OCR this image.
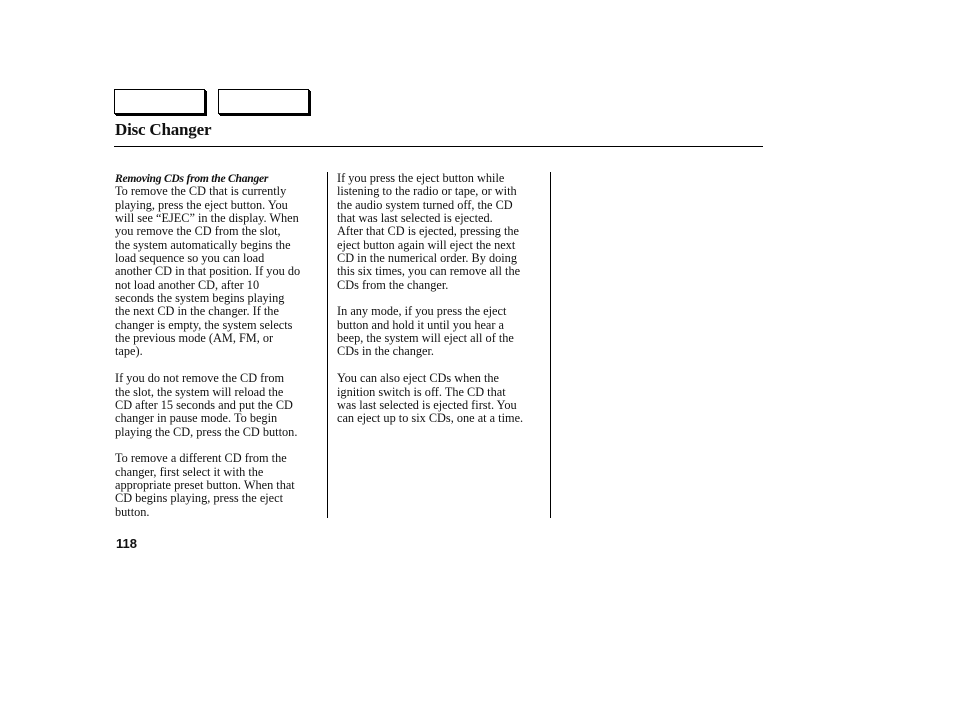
Disc Changer
Removing CDs from the Changer
To remove the CD that is currently
playing, press the eject button. You
will see “EJEC” in the display. When
you remove the CD from the slot,
the system automatically begins the
load sequence so you can load
another CD in that position. If you do
not load another CD, after 10
seconds the system begins playing
the next CD in the changer. If the
changer is empty, the system selects
the previous mode (AM, FM, or
tape).
If you do not remove the CD from
the slot, the system will reload the
CD after 15 seconds and put the CD
changer in pause mode. To begin
playing the CD, press the CD button.
To remove a different CD from the
changer, first select it with the
appropriate preset button. When that
CD begins playing, press the eject
button.
If you press the eject button while
listening to the radio or tape, or with
the audio system turned off, the CD
that was last selected is ejected.
After that CD is ejected, pressing the
eject button again will eject the next
CD in the numerical order. By doing
this six times, you can remove all the
CDs from the changer.
In any mode, if you press the eject
button and hold it until you hear a
beep, the system will eject all of the
CDs in the changer.
You can also eject CDs when the
ignition switch is off. The CD that
was last selected is ejected first. You
can eject up to six CDs, one at a time.
118
